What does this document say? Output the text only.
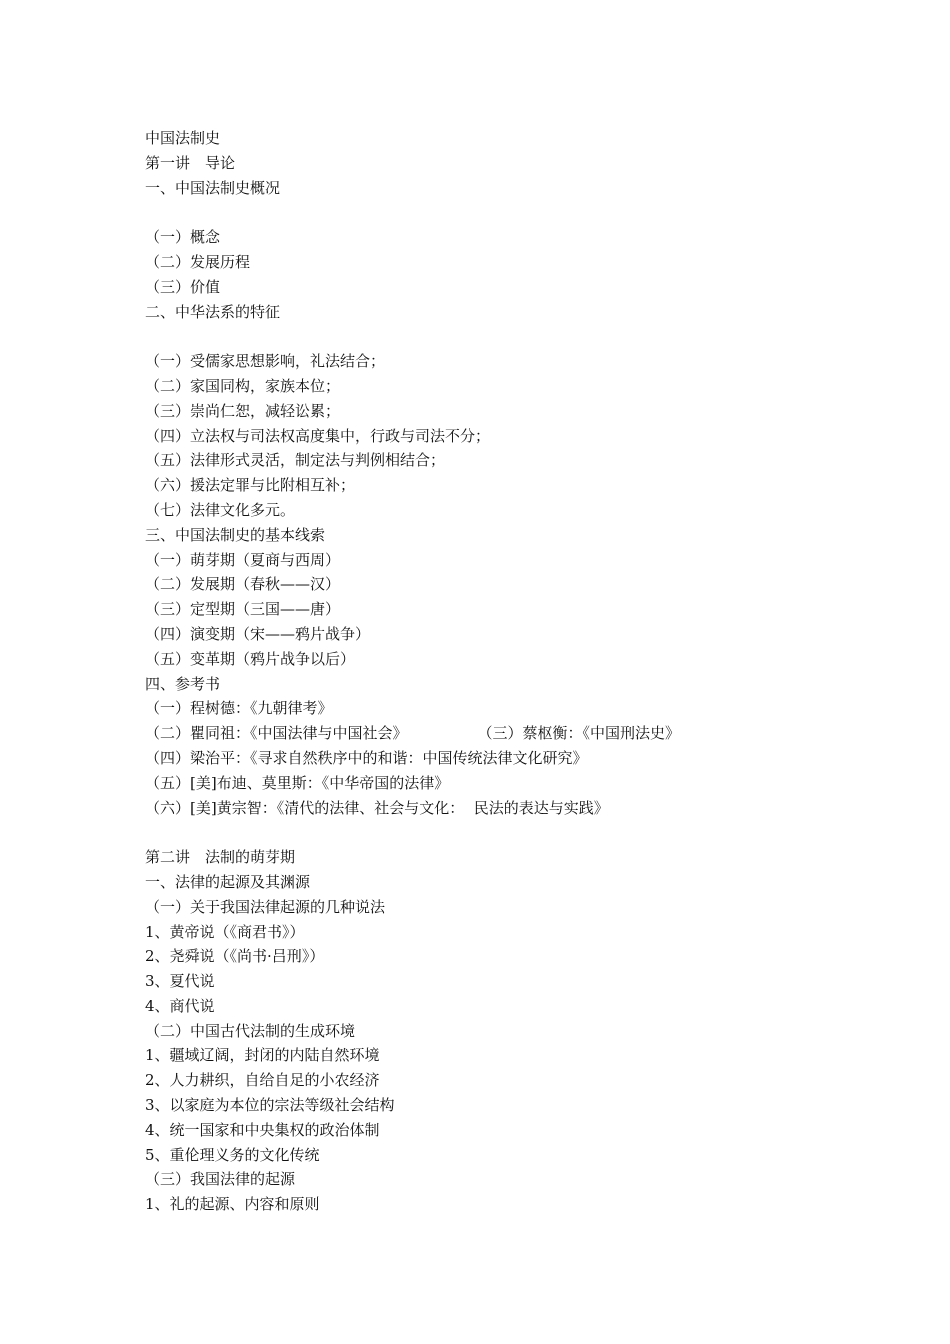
中国法制史
第一讲　导论
一、中国法制史概况
（一）概念
（二）发展历程
（三）价值
二、中华法系的特征
（一）受儒家思想影响，礼法结合；
（二）家国同构，家族本位；
（三）崇尚仁恕，减轻讼累；
（四）立法权与司法权高度集中，行政与司法不分；
（五）法律形式灵活，制定法与判例相结合；
（六）援法定罪与比附相互补；
（七）法律文化多元。
三、中国法制史的基本线索
（一）萌芽期（夏商与西周）
（二）发展期（春秋——汉）
（三）定型期（三国——唐）
（四）演变期（宋——鸦片战争）
（五）变革期（鸦片战争以后）
四、参考书
（一）程树德：《九朝律考》
（二）瞿同祖：《中国法律与中国社会》	（三）蔡枢衡：《中国刑法史》
（四）梁治平：《寻求自然秩序中的和谐：中国传统法律文化研究》
（五）[美]布迪、莫里斯：《中华帝国的法律》
（六）[美]黄宗智：《清代的法律、社会与文化：  民法的表达与实践》
第二讲　法制的萌芽期
一、法律的起源及其渊源
（一）关于我国法律起源的几种说法
1、黄帝说（《商君书》）
2、尧舜说（《尚书·吕刑》）
3、夏代说
4、商代说
（二）中国古代法制的生成环境
1、疆域辽阔，封闭的内陆自然环境
2、人力耕织，自给自足的小农经济
3、以家庭为本位的宗法等级社会结构
4、统一国家和中央集权的政治体制
5、重伦理义务的文化传统
（三）我国法律的起源
1、礼的起源、内容和原则
